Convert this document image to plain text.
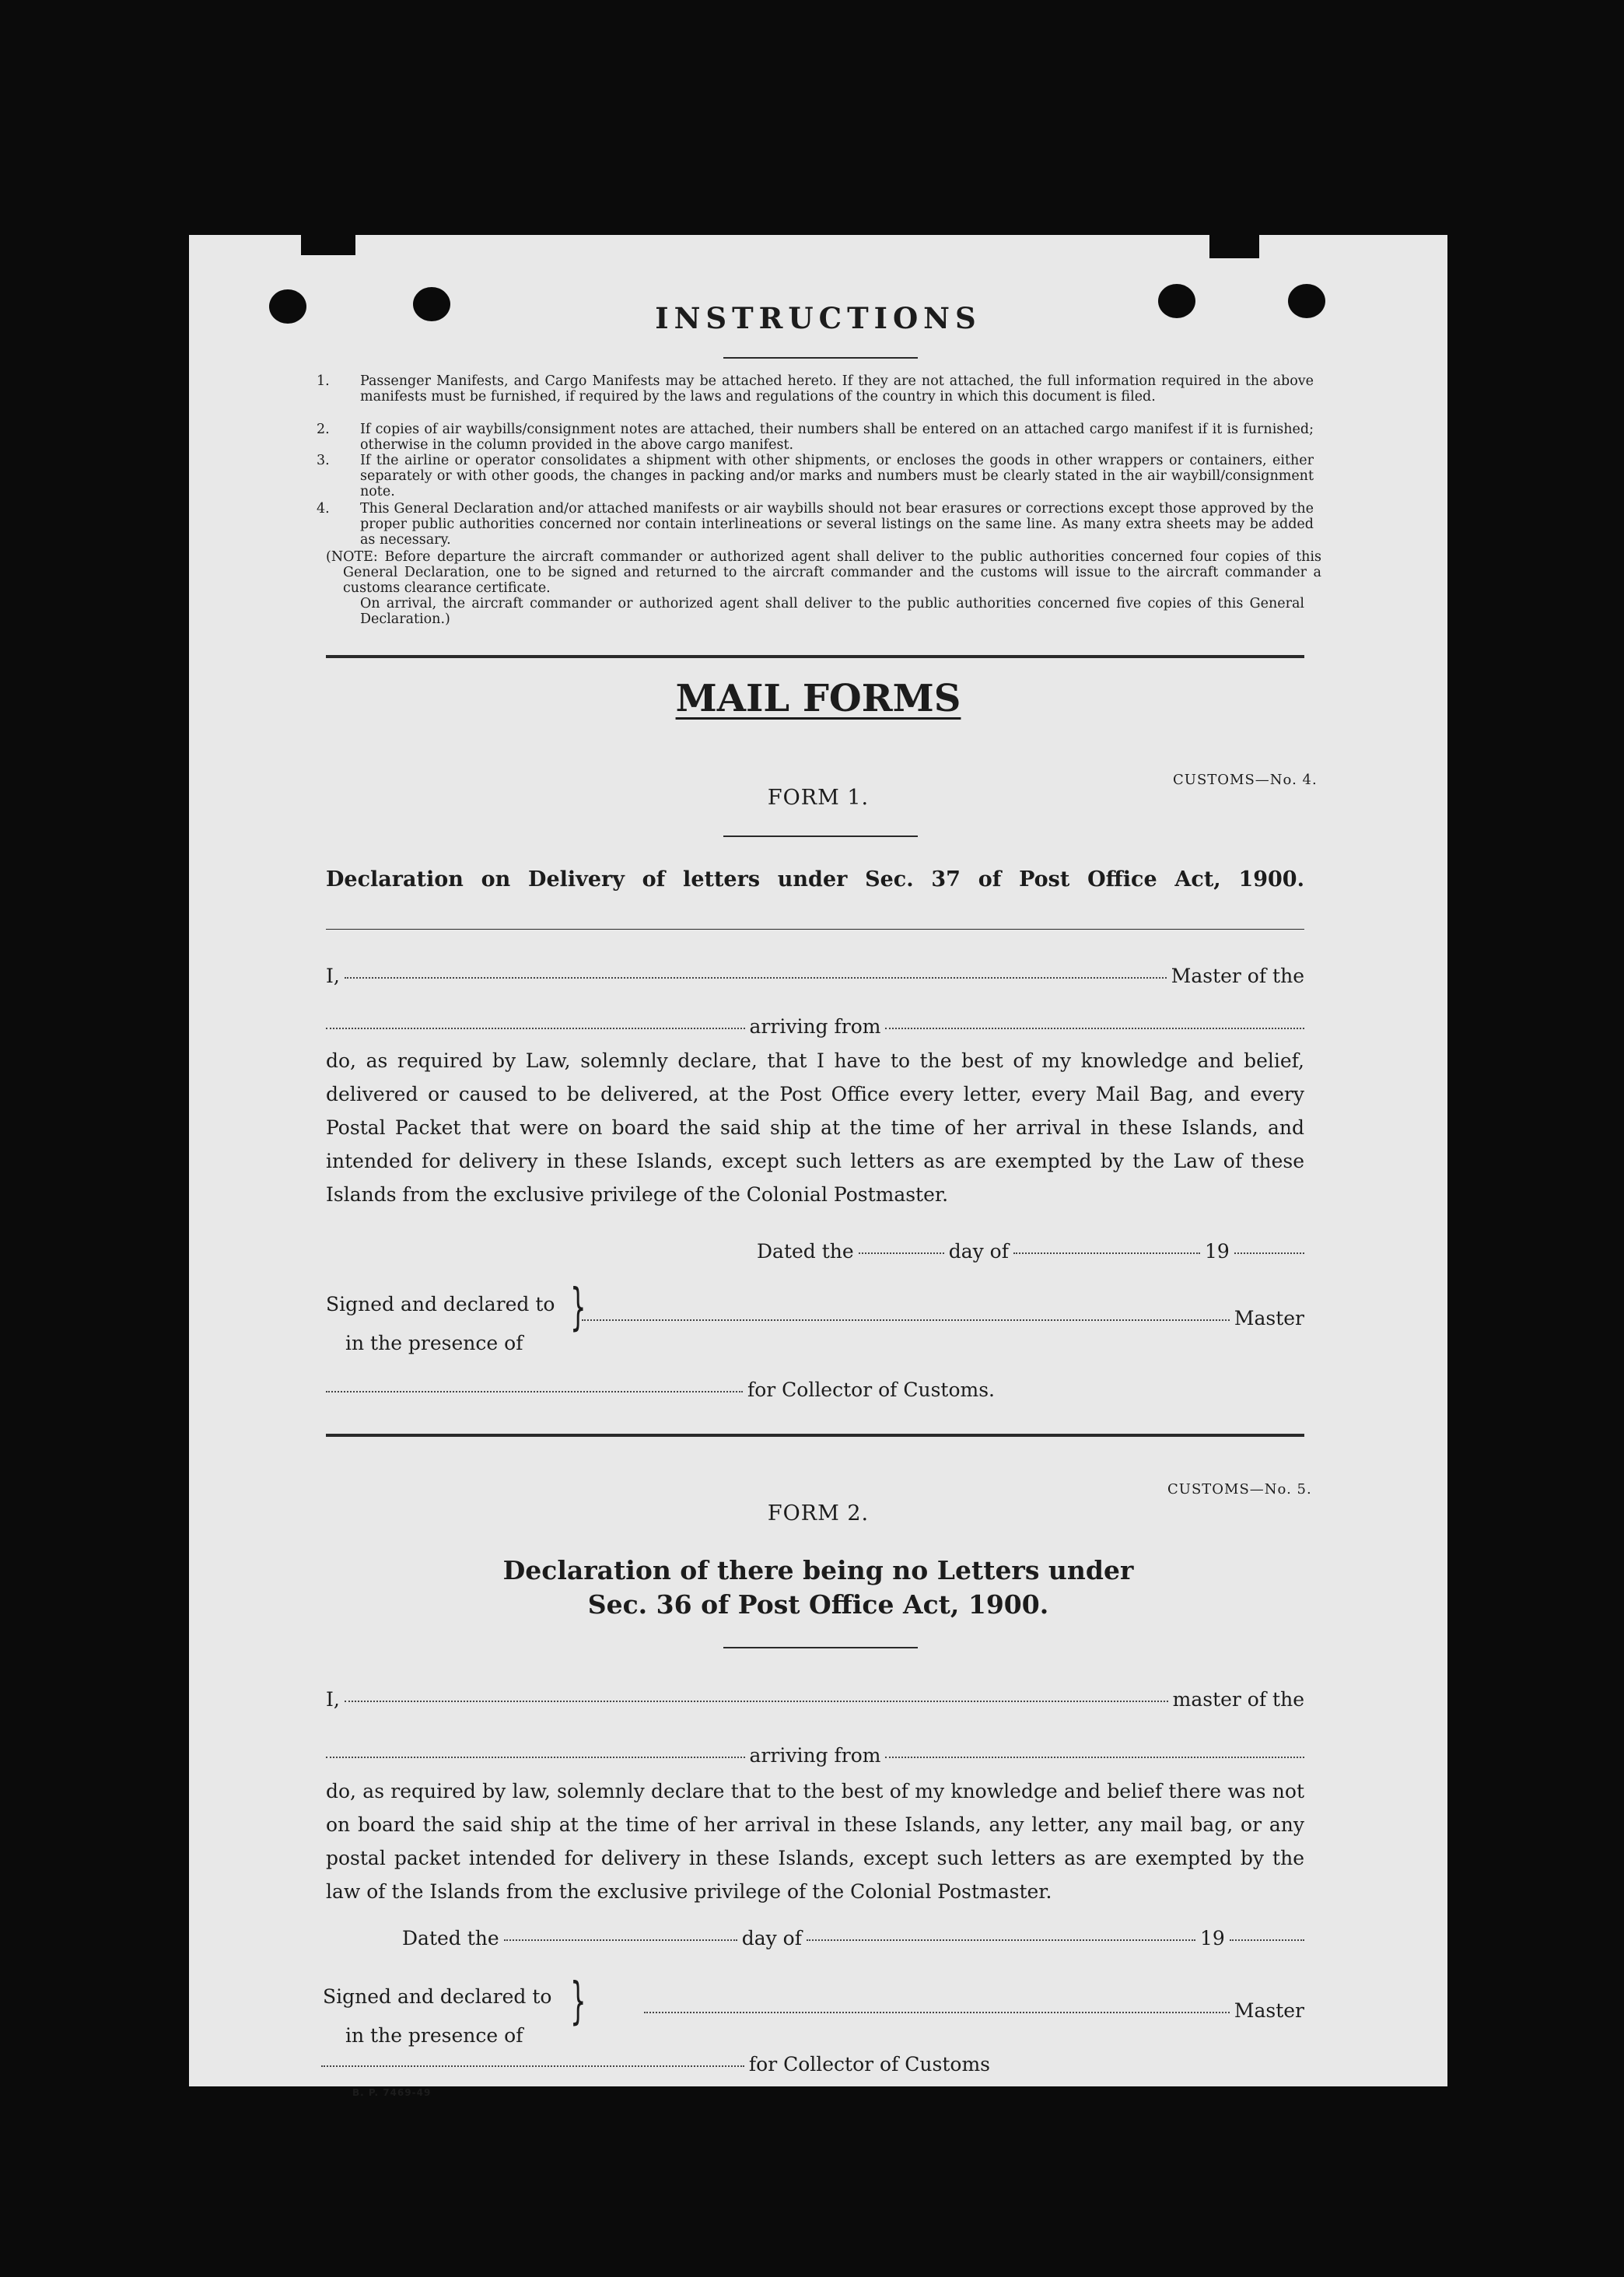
INSTRUCTIONS
1. Passenger Manifests, and Cargo Manifests may be attached hereto. If they are not attached, the full information required in the above manifests must be furnished, if required by the laws and regulations of the country in which this document is filed.
2. If copies of air waybills/consignment notes are attached, their numbers shall be entered on an attached cargo manifest if it is furnished; otherwise in the column provided in the above cargo manifest.
3. If the airline or operator consolidates a shipment with other shipments, or encloses the goods in other wrappers or containers, either separately or with other goods, the changes in packing and/or marks and numbers must be clearly stated in the air waybill/consignment note.
4. This General Declaration and/or attached manifests or air waybills should not bear erasures or corrections except those approved by the proper public authorities concerned nor contain interlineations or several listings on the same line. As many extra sheets may be added as necessary.
(NOTE: Before departure the aircraft commander or authorized agent shall deliver to the public authorities concerned four copies of this General Declaration, one to be signed and returned to the aircraft commander and the customs will issue to the aircraft commander a customs clearance certificate.
On arrival, the aircraft commander or authorized agent shall deliver to the public authorities concerned five copies of this General Declaration.)
MAIL FORMS
CUSTOMS—No. 4.
FORM 1.
Declaration on Delivery of letters under Sec. 37 of Post Office Act, 1900.
I,	Master of the
arriving from
do, as required by Law, solemnly declare, that I have to the best of my knowledge and belief, delivered or caused to be delivered, at the Post Office every letter, every Mail Bag, and every Postal Packet that were on board the said ship at the time of her arrival in these Islands, and intended for delivery in these Islands, except such letters as are exempted by the Law of these Islands from the exclusive privilege of the Colonial Postmaster.
Dated the	day of	19
Signed and declared to
in the presence of
}	Master
for Collector of Customs.
CUSTOMS—No. 5.
FORM 2.
Declaration of there being no Letters under
Sec. 36 of Post Office Act, 1900.
I,	master of the
arriving from
do, as required by law, solemnly declare that to the best of my knowledge and belief there was not on board the said ship at the time of her arrival in these Islands, any letter, any mail bag, or any postal packet intended for delivery in these Islands, except such letters as are exempted by the law of the Islands from the exclusive privilege of the Colonial Postmaster.
Dated the	day of	19
Signed and declared to
in the presence of
}	Master
for Collector of Customs
B. P. 7469-49
